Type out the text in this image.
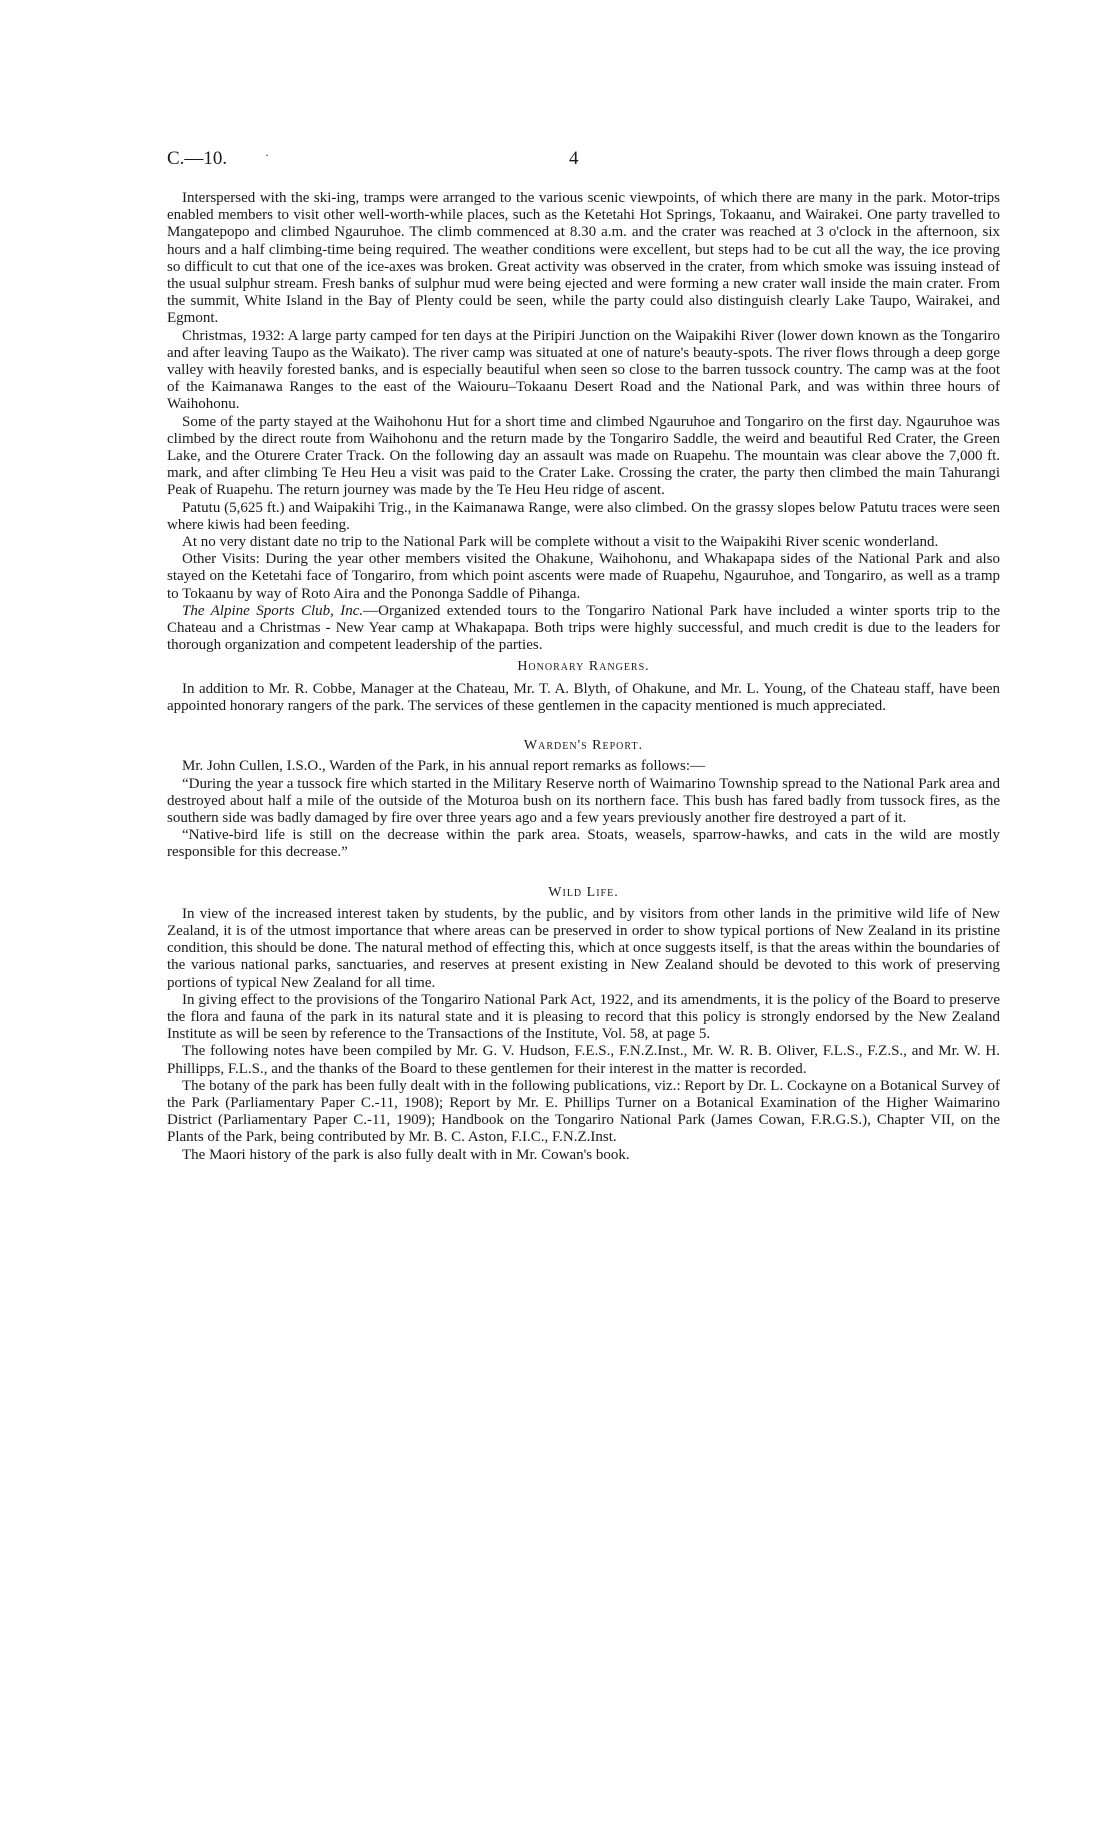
C.—10.	·	4

Interspersed with the ski-ing, tramps were arranged to the various scenic viewpoints, of which there are many in the park. Motor-trips enabled members to visit other well-worth-while places, such as the Ketetahi Hot Springs, Tokaanu, and Wairakei. One party travelled to Mangatepopo and climbed Ngauruhoe. The climb commenced at 8.30 a.m. and the crater was reached at 3 o'clock in the afternoon, six hours and a half climbing-time being required. The weather conditions were excellent, but steps had to be cut all the way, the ice proving so difficult to cut that one of the ice-axes was broken. Great activity was observed in the crater, from which smoke was issuing instead of the usual sulphur stream. Fresh banks of sulphur mud were being ejected and were forming a new crater wall inside the main crater. From the summit, White Island in the Bay of Plenty could be seen, while the party could also distinguish clearly Lake Taupo, Wairakei, and Egmont.

Christmas, 1932: A large party camped for ten days at the Piripiri Junction on the Waipakihi River (lower down known as the Tongariro and after leaving Taupo as the Waikato). The river camp was situated at one of nature's beauty-spots. The river flows through a deep gorge valley with heavily forested banks, and is especially beautiful when seen so close to the barren tussock country. The camp was at the foot of the Kaimanawa Ranges to the east of the Waiouru–Tokaanu Desert Road and the National Park, and was within three hours of Waihohonu.

Some of the party stayed at the Waihohonu Hut for a short time and climbed Ngauruhoe and Tongariro on the first day. Ngauruhoe was climbed by the direct route from Waihohonu and the return made by the Tongariro Saddle, the weird and beautiful Red Crater, the Green Lake, and the Oturere Crater Track. On the following day an assault was made on Ruapehu. The mountain was clear above the 7,000 ft. mark, and after climbing Te Heu Heu a visit was paid to the Crater Lake. Crossing the crater, the party then climbed the main Tahurangi Peak of Ruapehu. The return journey was made by the Te Heu Heu ridge of ascent.

Patutu (5,625 ft.) and Waipakihi Trig., in the Kaimanawa Range, were also climbed. On the grassy slopes below Patutu traces were seen where kiwis had been feeding.

At no very distant date no trip to the National Park will be complete without a visit to the Waipakihi River scenic wonderland.

Other Visits: During the year other members visited the Ohakune, Waihohonu, and Whakapapa sides of the National Park and also stayed on the Ketetahi face of Tongariro, from which point ascents were made of Ruapehu, Ngauruhoe, and Tongariro, as well as a tramp to Tokaanu by way of Roto Aira and the Pononga Saddle of Pihanga.

The Alpine Sports Club, Inc.—Organized extended tours to the Tongariro National Park have included a winter sports trip to the Chateau and a Christmas - New Year camp at Whakapapa. Both trips were highly successful, and much credit is due to the leaders for thorough organization and competent leadership of the parties.

Honorary Rangers.

In addition to Mr. R. Cobbe, Manager at the Chateau, Mr. T. A. Blyth, of Ohakune, and Mr. L. Young, of the Chateau staff, have been appointed honorary rangers of the park. The services of these gentlemen in the capacity mentioned is much appreciated.

Warden's Report.

Mr. John Cullen, I.S.O., Warden of the Park, in his annual report remarks as follows:—

“During the year a tussock fire which started in the Military Reserve north of Waimarino Township spread to the National Park area and destroyed about half a mile of the outside of the Moturoa bush on its northern face. This bush has fared badly from tussock fires, as the southern side was badly damaged by fire over three years ago and a few years previously another fire destroyed a part of it.

“Native-bird life is still on the decrease within the park area. Stoats, weasels, sparrow-hawks, and cats in the wild are mostly responsible for this decrease.”

Wild Life.

In view of the increased interest taken by students, by the public, and by visitors from other lands in the primitive wild life of New Zealand, it is of the utmost importance that where areas can be preserved in order to show typical portions of New Zealand in its pristine condition, this should be done. The natural method of effecting this, which at once suggests itself, is that the areas within the boundaries of the various national parks, sanctuaries, and reserves at present existing in New Zealand should be devoted to this work of preserving portions of typical New Zealand for all time.

In giving effect to the provisions of the Tongariro National Park Act, 1922, and its amendments, it is the policy of the Board to preserve the flora and fauna of the park in its natural state and it is pleasing to record that this policy is strongly endorsed by the New Zealand Institute as will be seen by reference to the Transactions of the Institute, Vol. 58, at page 5.

The following notes have been compiled by Mr. G. V. Hudson, F.E.S., F.N.Z.Inst., Mr. W. R. B. Oliver, F.L.S., F.Z.S., and Mr. W. H. Phillipps, F.L.S., and the thanks of the Board to these gentlemen for their interest in the matter is recorded.

The botany of the park has been fully dealt with in the following publications, viz.: Report by Dr. L. Cockayne on a Botanical Survey of the Park (Parliamentary Paper C.-11, 1908); Report by Mr. E. Phillips Turner on a Botanical Examination of the Higher Waimarino District (Parliamentary Paper C.-11, 1909); Handbook on the Tongariro National Park (James Cowan, F.R.G.S.), Chapter VII, on the Plants of the Park, being contributed by Mr. B. C. Aston, F.I.C., F.N.Z.Inst.

The Maori history of the park is also fully dealt with in Mr. Cowan's book.
